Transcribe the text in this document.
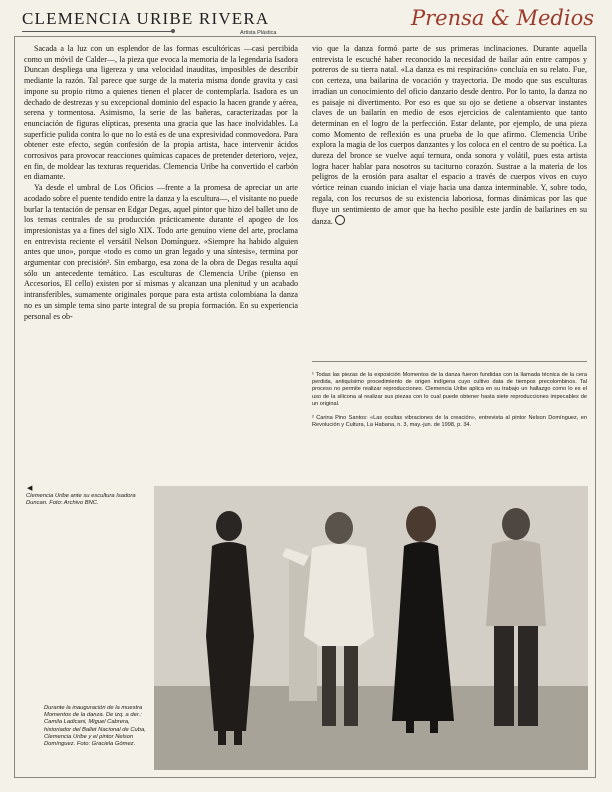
CLEMENCIA URIBE RIVERA
Artista Plástica
Prensa & Medios

Sacada a la luz con un esplendor de las formas escultóricas —casi percibida como un móvil de Calder—, la pieza que evoca la memoria de la legendaria Isadora Duncan despliega una ligereza y una velocidad inauditas, imposibles de describir mediante la razón. Tal parece que surge de la materia misma donde gravita y casi impone su propio ritmo a quienes tienen el placer de contemplarla. Isadora es un dechado de destrezas y su excepcional dominio del espacio la hacen grande y aérea, serena y tormentosa. Asimismo, la serie de las bañeras, caracterizadas por la enunciación de figuras elípticas, presenta una gracia que las hace inolvidables. La superficie pulida contra lo que no lo está es de una expresividad conmovedora. Para obtener este efecto, según confesión de la propia artista, hace intervenir ácidos corrosivos para provocar reacciones químicas capaces de pretender deterioro, vejez, en fin, de moldear las texturas requeridas. Clemencia Uribe ha convertido el carbón en diamante.

Ya desde el umbral de Los Oficios —frente a la promesa de apreciar un arte acodado sobre el puente tendido entre la danza y la escultura—, el visitante no puede burlar la tentación de pensar en Edgar Degas, aquel pintor que hizo del ballet uno de los temas centrales de su producción prácticamente durante el apogeo de los impresionistas ya a fines del siglo XIX. Todo arte genuino viene del arte, proclama en entrevista reciente el versátil Nelson Domínguez. «Siempre ha habido alguien antes que uno», porque «todo es como un gran legado y una síntesis», termina por argumentar con precisión². Sin embargo, esa zona de la obra de Degas resulta aquí sólo un antecedente temático. Las esculturas de Clemencia Uribe (pienso en Accesorios, El cello) existen por sí mismas y alcanzan una plenitud y un acabado intransferibles, sumamente originales porque para esta artista colombiana la danza no es un simple tema sino parte integral de su propia formación. En su experiencia personal es ob-

vio que la danza formó parte de sus primeras inclinaciones. Durante aquella entrevista le escuché haber reconocido la necesidad de bailar aún entre campos y potreros de su tierra natal. «La danza es mi respiración» concluía en su relato. Fue, con certeza, una bailarina de vocación y trayectoria. De modo que sus esculturas irradian un conocimiento del oficio danzario desde dentro. Por lo tanto, la danza no es paisaje ni divertimento. Por eso es que su ojo se detiene a observar instantes claves de un bailarín en medio de esos ejercicios de calentamiento que tanto determinan en el logro de la perfección. Estar delante, por ejemplo, de una pieza como Momento de reflexión es una prueba de lo que afirmo. Clemencia Uribe explora la magia de los cuerpos danzantes y los coloca en el centro de su poética. La dureza del bronce se vuelve aquí ternura, onda sonora y volátil, pues esta artista logra hacer hablar para nosotros su taciturno corazón. Sustrae a la materia de los peligros de la erosión para asaltar el espacio a través de cuerpos vivos en cuyo vórtice reinan cuando inician el viaje hacia una danza interminable. Y, sobre todo, regala, con los recursos de su existencia laboriosa, formas dinámicas por las que fluye un sentimiento de amor que ha hecho posible este jardín de bailarines en su danza.

¹ Todas las piezas de la exposición Momentos de la danza fueron fundidas con la llamada técnica de la cera perdida, antiquísimo procedimiento de origen indígena cuyo cultivo data de tiempos precolombinos. Tal proceso no permite realizar reproducciones. Clemencia Uribe aplica en su trabajo un hallazgo como lo es el uso de la silicona al realizar sus piezas con lo cual puede obtener hasta siete reproducciones impecables de un original.

² Carina Pino Santos: «Las ocultas vibraciones de la creación», entrevista al pintor Nelson Domínguez, en Revolución y Cultura, La Habana, n. 3, may.-jun. de 1998, p. 34.

◀
Clemencia Uribe ante su escultura Isadora Duncan. Foto: Archivo BNC.
Durante la inauguración de la muestra Momentos de la danza. De izq. a der.: Camila Ladicani, Miguel Cabrera, historiador del Ballet Nacional de Cuba, Clemencia Uribe y el pintor Nelson Domínguez. Foto: Graciela Gómez.
